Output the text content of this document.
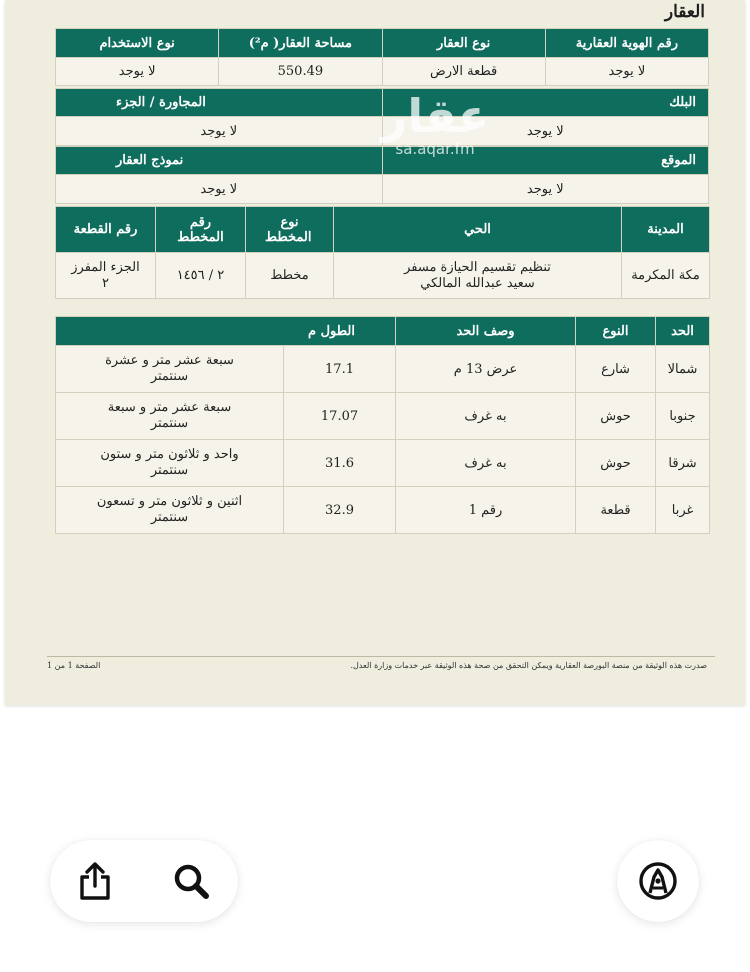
العقار
رقم الهوية العقارية	نوع العقار	مساحة العقار( م²)	نوع الاستخدام
لا يوجد	قطعة الارض	550.49	لا يوجد
البلك	المجاورة / الجزء
لا يوجد	لا يوجد
الموقع	نموذج العقار
لا يوجد	لا يوجد
المدينة	الحي	نوع المخطط	رقم المخطط	رقم القطعة
مكة المكرمة	تنظيم تقسيم الحيازة مسفر سعيد عبدالله المالكي	مخطط	٢ / ١٤٥٦	الجزء المفرز ٢
الحد	النوع	وصف الحد	الطول م	
شمالا	شارع	عرض 13 م	17.1	سبعة عشر متر و عشرة سنتمتر
جنوبا	حوش	به غرف	17.07	سبعة عشر متر و سبعة سنتمتر
شرقا	حوش	به غرف	31.6	واحد و ثلاثون متر و ستون سنتمتر
غربا	قطعة	رقم 1	32.9	اثنين و ثلاثون متر و تسعون سنتمتر
عقار
sa.aqar.fm
صدرت هذه الوثيقة من منصة البورصة العقارية ويمكن التحقق من صحة هذه الوثيقة عبر خدمات وزارة العدل.
الصفحة 1 من 1
